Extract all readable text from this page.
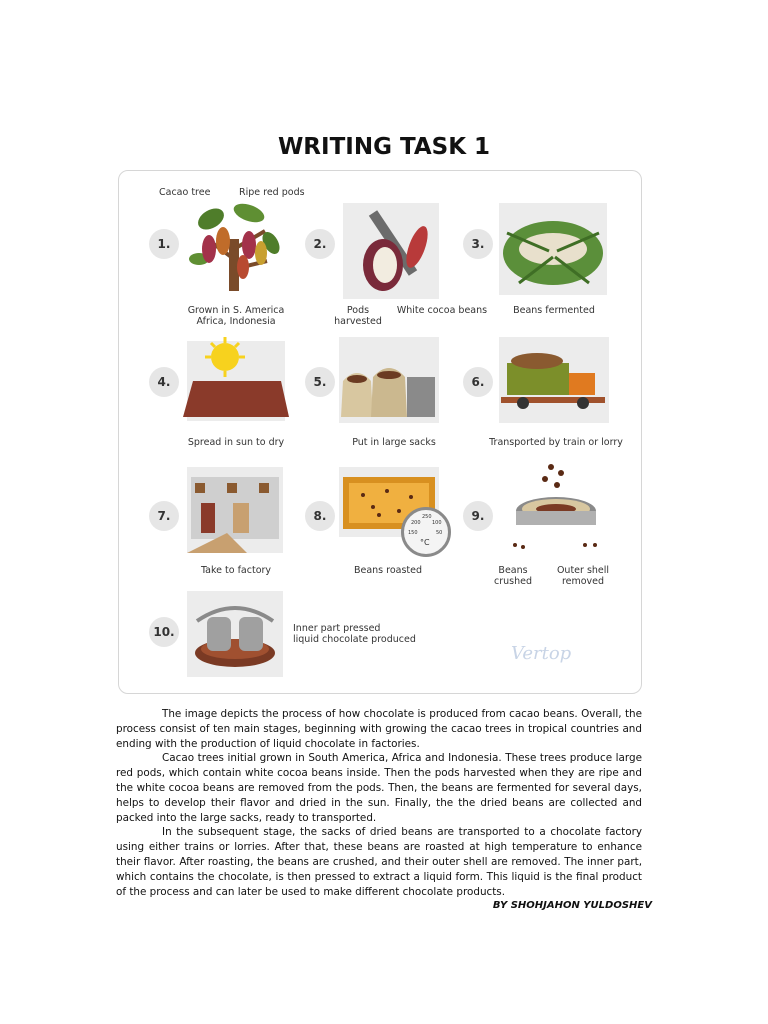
WRITING TASK 1
Cacao tree	Ripe red pods
1.
Grown in S. America
Africa, Indonesia
2.
Pods
harvested
White cocoa beans
3.
Beans fermented
4.
Spread in sun to dry
5.
Put in large sacks
6.
Transported by train or lorry
7.
Take to factory
8.	250
200
150
100
50
°C
Beans roasted
9.
Beans
crushed
Outer shell
removed
10.	Inner part pressed
liquid chocolate produced
Vertop

The image depicts the process of how chocolate is produced from cacao beans. Overall, the process consist of ten main stages, beginning with growing the cacao trees in tropical countries and ending with the production of liquid chocolate in factories.

Cacao trees initial grown in South America, Africa and Indonesia. These trees produce large red pods, which contain white cocoa beans inside. Then the pods harvested when they are ripe and the white cocoa beans are removed from the pods. Then, the beans are fermented for several days, helps to develop their flavor and dried in the sun. Finally, the the dried beans are collected and packed into the large sacks, ready to transported.

In the subsequent stage, the sacks of dried beans are transported to a chocolate factory using either trains or lorries. After that, these beans are roasted at high temperature to enhance their flavor. After roasting, the beans are crushed, and their outer shell are removed. The inner part, which contains the chocolate, is then pressed to extract a liquid form. This liquid is the final product of the process and can later be used to make different chocolate products.

BY SHOHJAHON YULDOSHEV
